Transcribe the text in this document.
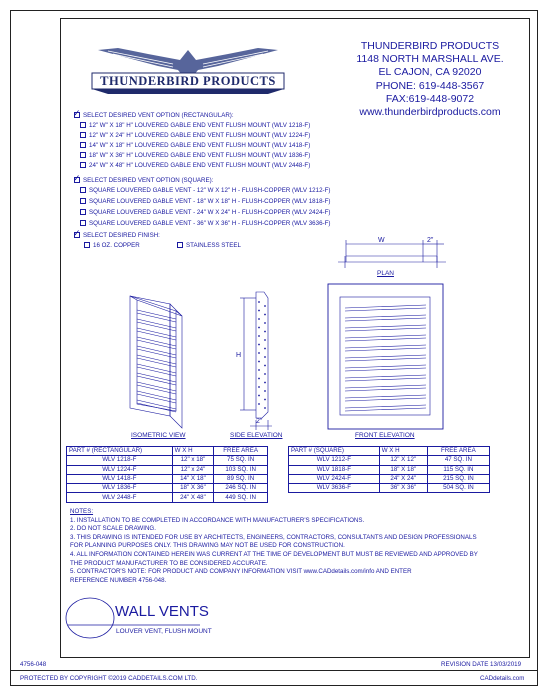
THUNDERBIRD PRODUCTS
THUNDERBIRD PRODUCTS
1148 NORTH MARSHALL AVE.
EL CAJON, CA 92020
PHONE: 619-448-3567
FAX:619-448-9072
www.thunderbirdproducts.com
✓ SELECT DESIRED VENT OPTION (RECTANGULAR):
12" W" X 18" H" LOUVERED GABLE END VENT FLUSH MOUNT (WLV 1218-F)
12" W" X 24" H" LOUVERED GABLE END VENT FLUSH MOUNT (WLV 1224-F)
14" W" X 18" H" LOUVERED GABLE END VENT FLUSH MOUNT (WLV 1418-F)
18" W" X 36" H" LOUVERED GABLE END VENT FLUSH MOUNT (WLV 1836-F)
24" W" X 48" H" LOUVERED GABLE END VENT FLUSH MOUNT (WLV 2448-F)
✓ SELECT DESIRED VENT OPTION (SQUARE):
SQUARE LOUVERED GABLE VENT - 12" W X 12" H - FLUSH-COPPER (WLV 1212-F)
SQUARE LOUVERED GABLE VENT - 18" W X 18" H - FLUSH-COPPER (WLV 1818-F)
SQUARE LOUVERED GABLE VENT - 24" W X 24" H - FLUSH-COPPER (WLV 2424-F)
SQUARE LOUVERED GABLE VENT - 36" W X 36" H - FLUSH-COPPER (WLV 3636-F)
✓ SELECT DESIRED FINISH:
16 OZ. COPPER	STAINLESS STEEL
W	2"
PLAN
H
2"
ISOMETRIC VIEW	SIDE ELEVATION	FRONT ELEVATION
PART # (RECTANGULAR)	W X H	FREE AREA
WLV 1218-F	12" x 18"	75 SQ. IN
WLV 1224-F	12" x 24"	103 SQ. IN
WLV 1418-F	14" X 18"	89 SQ. IN
WLV 1836-F	18" X 36"	246 SQ. IN
WLV 2448-F	24" X 48"	449 SQ. IN
PART # (SQUARE)	W X H	FREE AREA
WLV 1212-F	12" X 12"	47 SQ. IN
WLV 1818-F	18" X 18"	115 SQ. IN
WLV 2424-F	24" X 24"	215 SQ. IN
WLV 3636-F	36" X 36"	504 SQ. IN
NOTES:
1. INSTALLATION TO BE COMPLETED IN ACCORDANCE WITH MANUFACTURER'S SPECIFICATIONS.
2. DO NOT SCALE DRAWING.
3. THIS DRAWING IS INTENDED FOR USE BY ARCHITECTS, ENGINEERS, CONTRACTORS, CONSULTANTS AND DESIGN PROFESSIONALS
FOR PLANNING PURPOSES ONLY. THIS DRAWING MAY NOT BE USED FOR CONSTRUCTION.
4. ALL INFORMATION CONTAINED HEREIN WAS CURRENT AT THE TIME OF DEVELOPMENT BUT MUST BE REVIEWED AND APPROVED BY
THE PRODUCT MANUFACTURER TO BE CONSIDERED ACCURATE.
5. CONTRACTOR'S NOTE: FOR PRODUCT AND COMPANY INFORMATION VISIT www.CADdetails.com/info AND ENTER
REFERENCE NUMBER 4756-048.
WALL VENTS
LOUVER VENT, FLUSH MOUNT
4756-048	REVISION DATE 13/03/2019
PROTECTED BY COPYRIGHT ©2019 CADDETAILS.COM LTD.	CADdetails.com
